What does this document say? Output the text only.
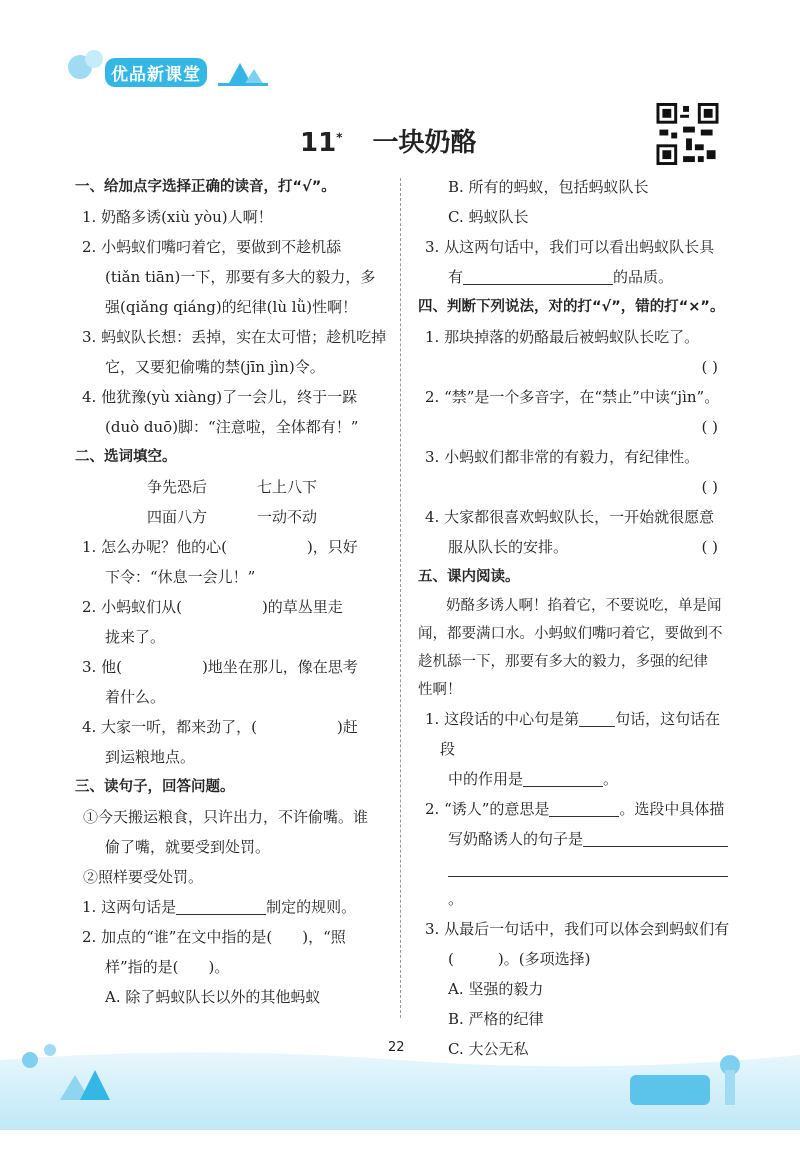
优品新课堂
11* 一块奶酪

一、给加点字选择正确的读音，打“√”。

1. 奶酪多诱(xiù yòu)人啊！

2. 小蚂蚁们嘴叼着它，要做到不趁机舔

(tiǎn tiān)一下，那要有多大的毅力，多

强(qiǎng qiáng)的纪律(lù lǜ)性啊！

3. 蚂蚁队长想：丢掉，实在太可惜；趁机吃掉

它，又要犯偷嘴的禁(jīn jìn)令。

4. 他犹豫(yù xiàng)了一会儿，终于一跺

(duò duō)脚：“注意啦，全体都有！”

二、选词填空。

争先恐后	七上八下

四面八方	一动不动

1. 怎么办呢？他的心(	)，只好

下令：“休息一会儿！”

2. 小蚂蚁们从(	)的草丛里走

拢来了。

3. 他(	)地坐在那儿，像在思考

着什么。

4. 大家一听，都来劲了，(	)赶

到运粮地点。

三、读句子，回答问题。

①今天搬运粮食，只许出力，不许偷嘴。谁

偷了嘴，就要受到处罚。

②照样要受处罚。

1. 这两句话是	制定的规则。

2. 加点的“谁”在文中指的是( )，“照

样”指的是( )。

A. 除了蚂蚁队长以外的其他蚂蚁

B. 所有的蚂蚁，包括蚂蚁队长

C. 蚂蚁队长

3. 从这两句话中，我们可以看出蚂蚁队长具

有	的品质。

四、判断下列说法，对的打“√”，错的打“×”。

1. 那块掉落的奶酪最后被蚂蚁队长吃了。

( )

2. “禁”是一个多音字，在“禁止”中读“jìn”。

( )

3. 小蚂蚁们都非常的有毅力，有纪律性。

( )

4. 大家都很喜欢蚂蚁队长，一开始就很愿意

服从队长的安排。	( )

五、课内阅读。

奶酪多诱人啊！掐着它，不要说吃，单是闻

闻，都要满口水。小蚂蚁们嘴叼着它，要做到不

趁机舔一下，那要有多大的毅力，多强的纪律

性啊！

1. 这段话的中心句是第 句话，这句话在段

中的作用是	。

2. “诱人”的意思是	。选段中具体描

写奶酪诱人的句子是

。

3. 从最后一句话中，我们可以体会到蚂蚁们有

(	)。(多项选择)

A. 坚强的毅力

B. 严格的纪律

C. 大公无私

22
